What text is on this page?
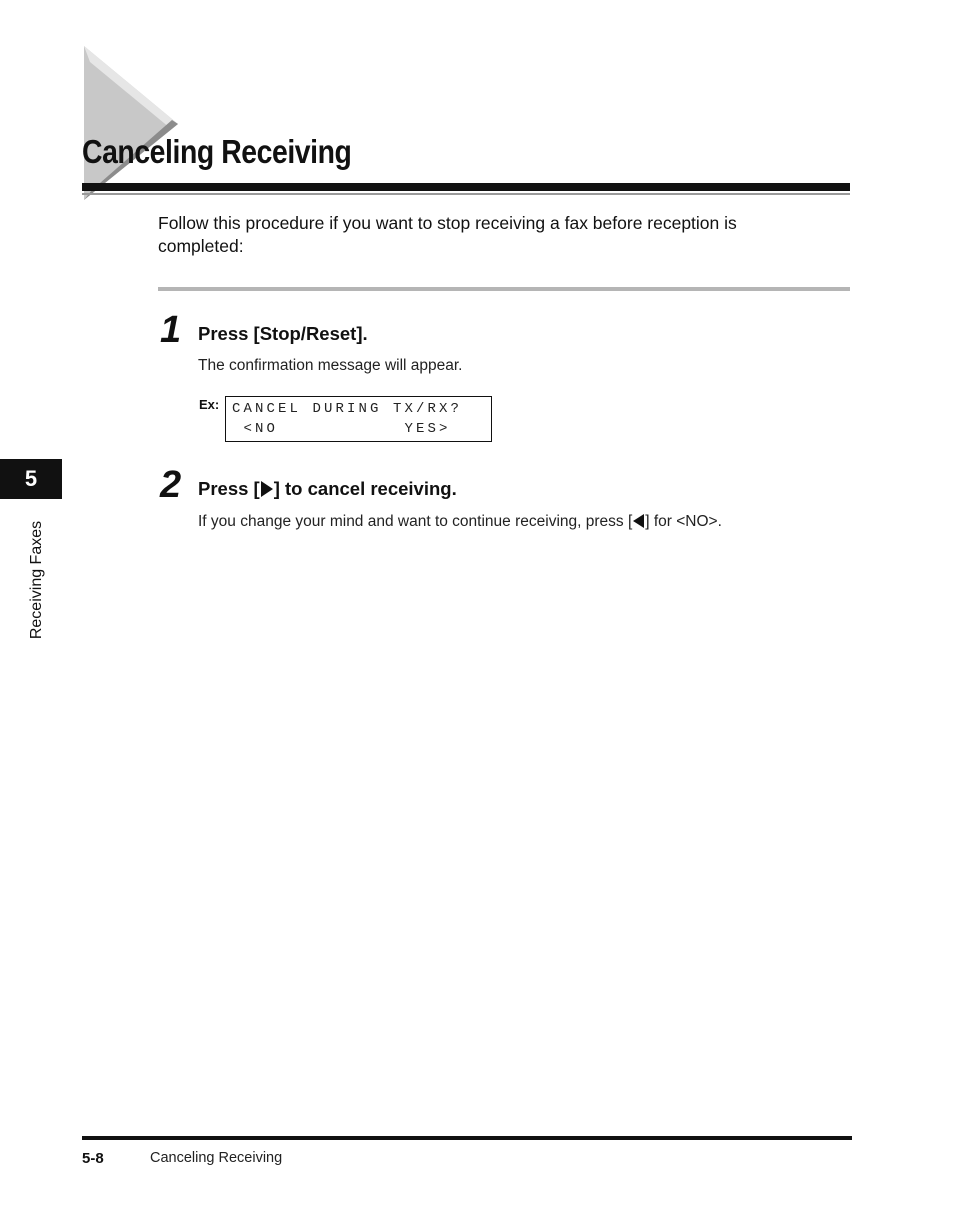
Canceling Receiving
Follow this procedure if you want to stop receiving a fax before reception is completed:
1 Press [Stop/Reset].
The confirmation message will appear.
Ex: CANCEL DURING TX/RX?
<NO           YES>
2 Press [ ] to cancel receiving.
If you change your mind and want to continue receiving, press [ ] for <NO>.
5
Receiving Faxes
5-8	Canceling Receiving
